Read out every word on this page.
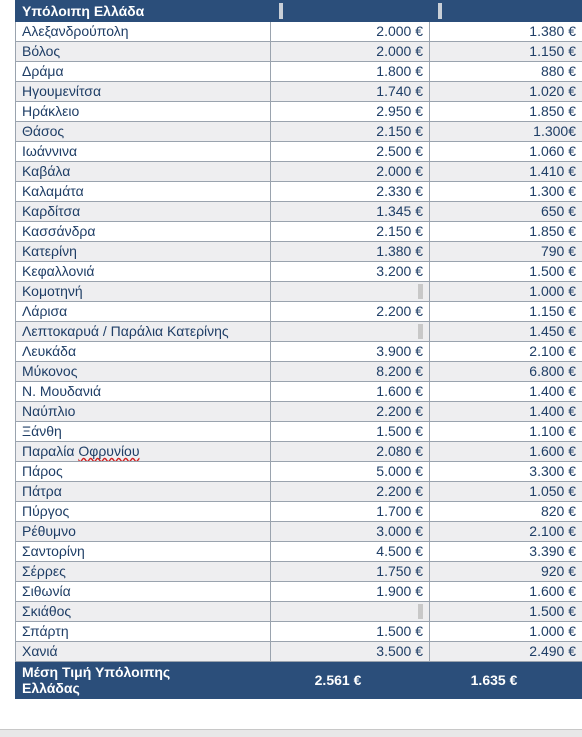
Υπόλοιπη Ελλάδα	

Αλεξανδρούπολη	2.000 €	1.380 €
Βόλος	2.000 €	1.150 €
Δράμα	1.800 €	880 €
Ηγουμενίτσα	1.740 €	1.020 €
Ηράκλειο	2.950 €	1.850 €
Θάσος	2.150 €	1.300€
Ιωάννινα	2.500 €	1.060 €
Καβάλα	2.000 €	1.410 €
Καλαμάτα	2.330 €	1.300 €
Καρδίτσα	1.345 €	650 €
Κασσάνδρα	2.150 €	1.850 €
Κατερίνη	1.380 €	790 €
Κεφαλλονιά	3.200 €	1.500 €
Κομοτηνή		1.000 €
Λάρισα	2.200 €	1.150 €
Λεπτοκαρυά / Παράλια Κατερίνης		1.450 €
Λευκάδα	3.900 €	2.100 €
Μύκονος	8.200 €	6.800 €
Ν. Μουδανιά	1.600 €	1.400 €
Ναύπλιο	2.200 €	1.400 €
Ξάνθη	1.500 €	1.100 €
Παραλία Οφρυνίου	2.080 €	1.600 €
Πάρος	5.000 €	3.300 €
Πάτρα	2.200 €	1.050 €
Πύργος	1.700 €	820 €
Ρέθυμνο	3.000 €	2.100 €
Σαντορίνη	4.500 €	3.390 €
Σέρρες	1.750 €	920 €
Σιθωνία	1.900 €	1.600 €
Σκιάθος		1.500 €
Σπάρτη	1.500 €	1.000 €
Χανιά	3.500 €	2.490 €

Μέση Τιμή Υπόλοιπης
Ελλάδας	2.561 €	1.635 €
